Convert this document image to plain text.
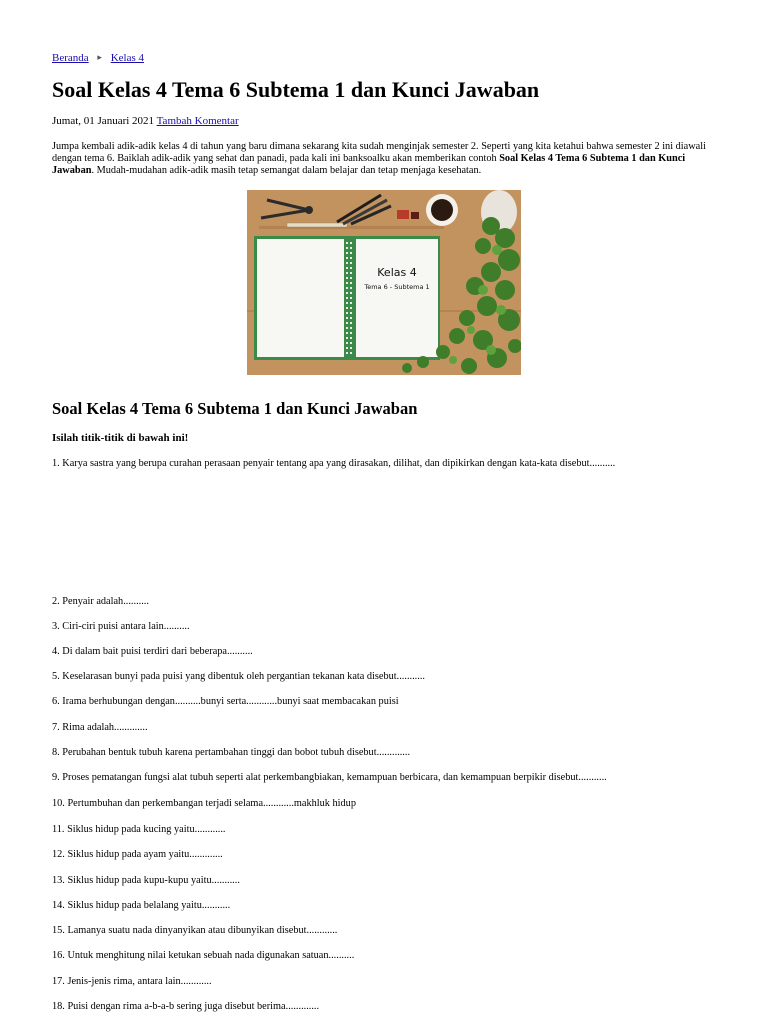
Beranda ▸ Kelas 4
Soal Kelas 4 Tema 6 Subtema 1 dan Kunci Jawaban
Jumat, 01 Januari 2021 Tambah Komentar

Jumpa kembali adik-adik kelas 4 di tahun yang baru dimana sekarang kita sudah menginjak semester 2. Seperti yang kita ketahui bahwa semester 2 ini diawali dengan tema 6. Baiklah adik-adik yang sehat dan panadi, pada kali ini banksoalku akan memberikan contoh Soal Kelas 4 Tema 6 Subtema 1 dan Kunci Jawaban. Mudah-mudahan adik-adik masih tetap semangat dalam belajar dan tetap menjaga kesehatan.

Kelas 4
Tema 6 - Subtema 1
Soal Kelas 4 Tema 6 Subtema 1 dan Kunci Jawaban
Isilah titik-titik di bawah ini!
1. Karya sastra yang berupa curahan perasaan penyair tentang apa yang dirasakan, dilihat, dan dipikirkan dengan kata-kata disebut..........
2. Penyair adalah..........
3. Ciri-ciri puisi antara lain..........
4. Di dalam bait puisi terdiri dari beberapa..........
5. Keselarasan bunyi pada puisi yang dibentuk oleh pergantian tekanan kata disebut...........
6. Irama berhubungan dengan..........bunyi serta............bunyi saat membacakan puisi
7. Rima adalah.............
8. Perubahan bentuk tubuh karena pertambahan tinggi dan bobot tubuh disebut.............
9. Proses pematangan fungsi alat tubuh seperti alat perkembangbiakan, kemampuan berbicara, dan kemampuan berpikir disebut...........
10. Pertumbuhan dan perkembangan terjadi selama............makhluk hidup
11. Siklus hidup pada kucing yaitu............
12. Siklus hidup pada ayam yaitu.............
13. Siklus hidup pada kupu-kupu yaitu...........
14. Siklus hidup pada belalang yaitu...........
15. Lamanya suatu nada dinyanyikan atau dibunyikan disebut............
16. Untuk menghitung nilai ketukan sebuah nada digunakan satuan..........
17. Jenis-jenis rima, antara lain............
18. Puisi dengan rima a-b-a-b sering juga disebut berima.............
